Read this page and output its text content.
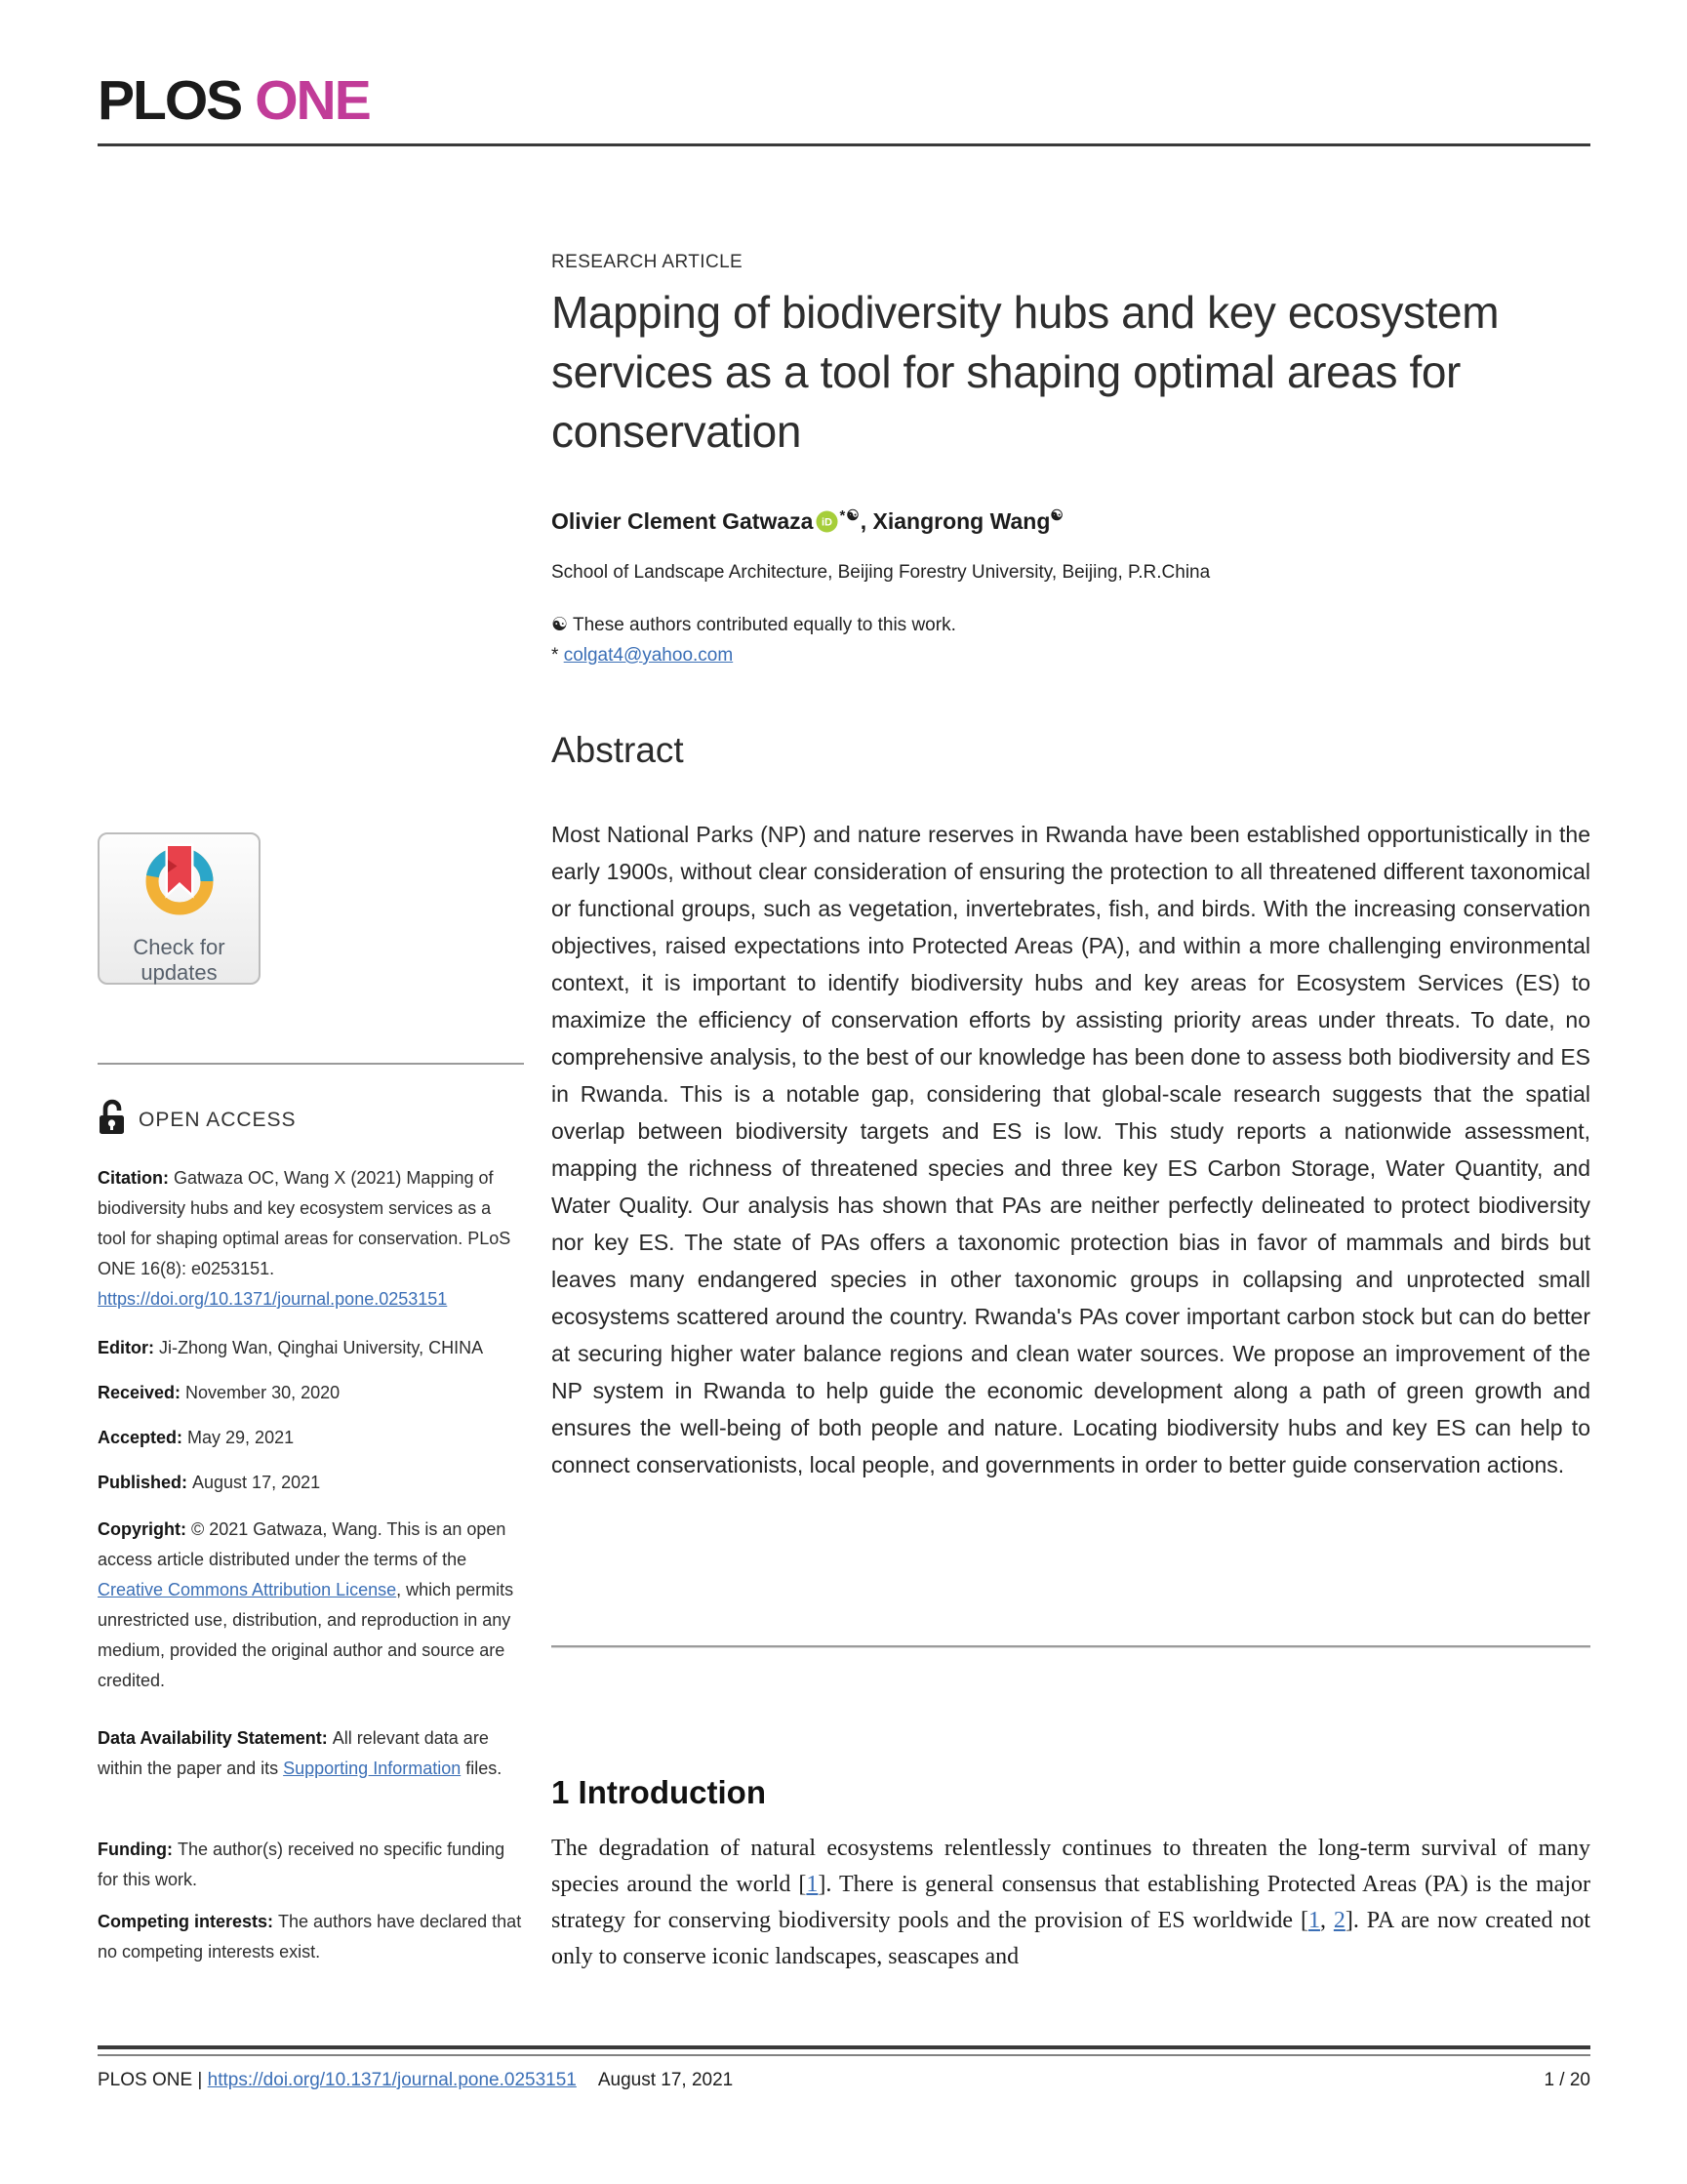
PLOS ONE
RESEARCH ARTICLE
Mapping of biodiversity hubs and key ecosystem services as a tool for shaping optimal areas for conservation
Olivier Clement Gatwaza iD *☯, Xiangrong Wang☯
School of Landscape Architecture, Beijing Forestry University, Beijing, P.R.China
☯ These authors contributed equally to this work.
* colgat4@yahoo.com
Abstract
Most National Parks (NP) and nature reserves in Rwanda have been established opportunistically in the early 1900s, without clear consideration of ensuring the protection to all threatened different taxonomical or functional groups, such as vegetation, invertebrates, fish, and birds. With the increasing conservation objectives, raised expectations into Protected Areas (PA), and within a more challenging environmental context, it is important to identify biodiversity hubs and key areas for Ecosystem Services (ES) to maximize the efficiency of conservation efforts by assisting priority areas under threats. To date, no comprehensive analysis, to the best of our knowledge has been done to assess both biodiversity and ES in Rwanda. This is a notable gap, considering that global-scale research suggests that the spatial overlap between biodiversity targets and ES is low. This study reports a nationwide assessment, mapping the richness of threatened species and three key ES Carbon Storage, Water Quantity, and Water Quality. Our analysis has shown that PAs are neither perfectly delineated to protect biodiversity nor key ES. The state of PAs offers a taxonomic protection bias in favor of mammals and birds but leaves many endangered species in other taxonomic groups in collapsing and unprotected small ecosystems scattered around the country. Rwanda's PAs cover important carbon stock but can do better at securing higher water balance regions and clean water sources. We propose an improvement of the NP system in Rwanda to help guide the economic development along a path of green growth and ensures the well-being of both people and nature. Locating biodiversity hubs and key ES can help to connect conservationists, local people, and governments in order to better guide conservation actions.
1 Introduction
The degradation of natural ecosystems relentlessly continues to threaten the long-term survival of many species around the world [1]. There is general consensus that establishing Protected Areas (PA) is the major strategy for conserving biodiversity pools and the provision of ES worldwide [1, 2]. PA are now created not only to conserve iconic landscapes, seascapes and
Check for
updates
OPEN ACCESS
Citation: Gatwaza OC, Wang X (2021) Mapping of biodiversity hubs and key ecosystem services as a tool for shaping optimal areas for conservation. PLoS ONE 16(8): e0253151. https://doi.org/10.1371/journal.pone.0253151
Editor: Ji-Zhong Wan, Qinghai University, CHINA
Received: November 30, 2020
Accepted: May 29, 2021
Published: August 17, 2021
Copyright: © 2021 Gatwaza, Wang. This is an open access article distributed under the terms of the Creative Commons Attribution License, which permits unrestricted use, distribution, and reproduction in any medium, provided the original author and source are credited.
Data Availability Statement: All relevant data are within the paper and its Supporting Information files.
Funding: The author(s) received no specific funding for this work.
Competing interests: The authors have declared that no competing interests exist.
PLOS ONE | https://doi.org/10.1371/journal.pone.0253151 August 17, 2021	1 / 20
